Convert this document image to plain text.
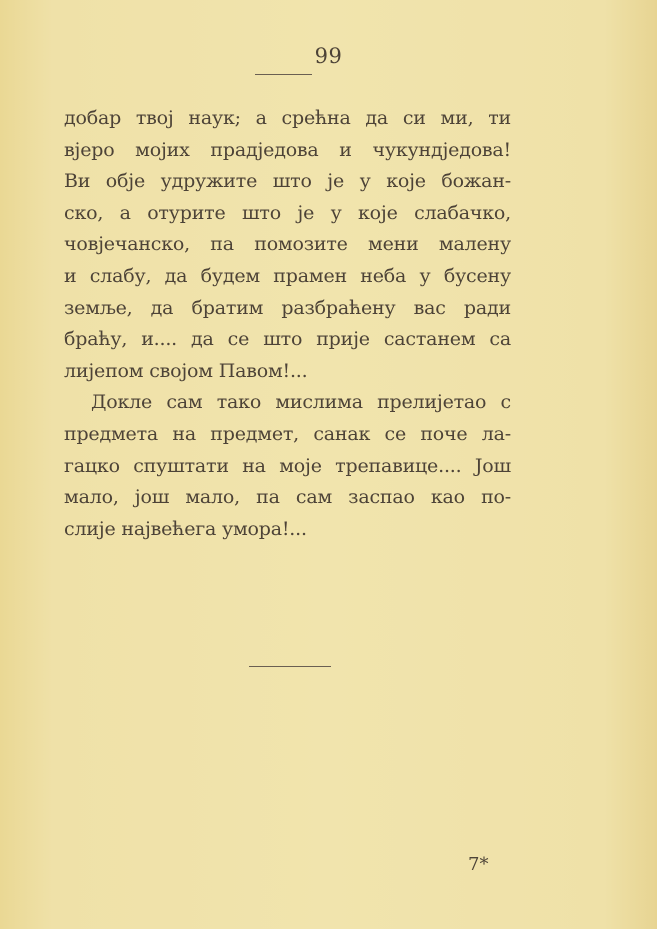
99
добар твој наук; а срећна да си ми, ти
вјеро мојих прадједова и чукундједова!
Ви обје удружите што је у које божан-
ско, а отурите што је у које слабачко,
човјечанско, па помозите мени малену
и слабу, да будем прамен неба у бусену
земље, да братим разбраћену вас ради
браћу, и.... да се што прије састанем са
лијепом својом Павом!...
Докле сам тако мислима прелијетао с
предмета на предмет, санак се поче ла-
гацко спуштати на моје трепавице.... Још
мало, још мало, па сам заспао као по-
слије највећега умора!...
7*
